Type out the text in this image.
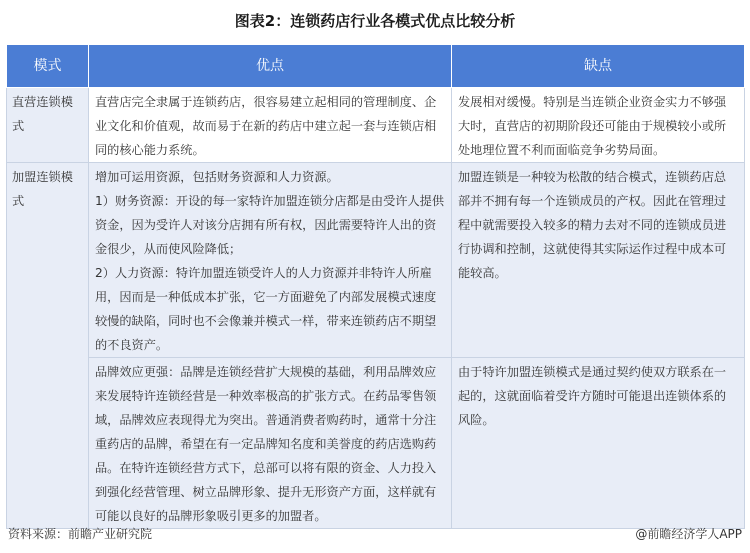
图表2：连锁药店行业各模式优点比较分析
模式	优点	缺点
直营连锁模式	直营店完全隶属于连锁药店，很容易建立起相同的管理制度、企业文化和价值观，故而易于在新的药店中建立起一套与连锁店相同的核心能力系统。	发展相对缓慢。特别是当连锁企业资金实力不够强大时，直营店的初期阶段还可能由于规模较小或所处地理位置不利而面临竞争劣势局面。
加盟连锁模式	增加可运用资源，包括财务资源和人力资源。
1）财务资源：开设的每一家特许加盟连锁分店都是由受许人提供资金，因为受许人对该分店拥有所有权，因此需要特许人出的资金很少，从而使风险降低；
2）人力资源：特许加盟连锁受许人的人力资源并非特许人所雇用，因而是一种低成本扩张，它一方面避免了内部发展模式速度较慢的缺陷，同时也不会像兼并模式一样，带来连锁药店不期望的不良资产。	加盟连锁是一种较为松散的结合模式，连锁药店总部并不拥有每一个连锁成员的产权。因此在管理过程中就需要投入较多的精力去对不同的连锁成员进行协调和控制，这就使得其实际运作过程中成本可能较高。

	品牌效应更强：品牌是连锁经营扩大规模的基础，利用品牌效应来发展特许连锁经营是一种效率极高的扩张方式。在药品零售领域，品牌效应表现得尤为突出。普通消费者购药时，通常十分注重药店的品牌，希望在有一定品牌知名度和美誉度的药店选购药品。在特许连锁经营方式下，总部可以将有限的资金、人力投入到强化经营管理、树立品牌形象、提升无形资产方面，这样就有可能以良好的品牌形象吸引更多的加盟者。	由于特许加盟连锁模式是通过契约使双方联系在一起的，这就面临着受许方随时可能退出连锁体系的风险。
资料来源：前瞻产业研究院	@前瞻经济学人APP
